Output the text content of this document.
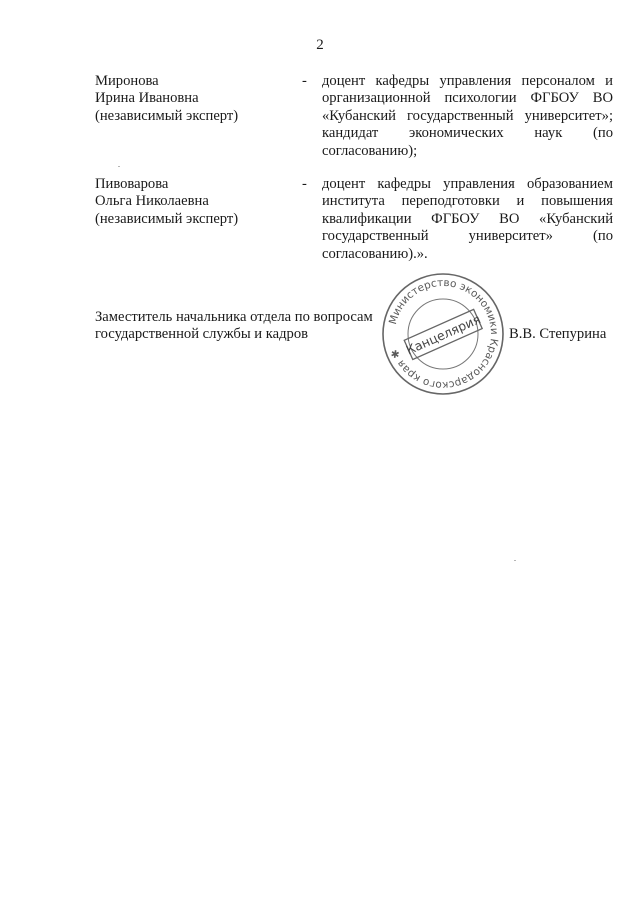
2
Миронова
Ирина Ивановна
(независимый эксперт)
- доцент кафедры управления персоналом и организационной психологии ФГБОУ ВО «Кубанский государственный университет»; кандидат экономических наук (по согласованию);
Пивоварова
Ольга Николаевна
(независимый эксперт)
- доцент кафедры управления образованием института переподготовки и повышения квалификации ФГБОУ ВО «Кубанский государственный университет» (по согласованию).».
Заместитель начальника отдела по вопросам
государственной службы и кадров	В.В. Степурина
Министерство экономики Краснодарского края ✱ Канцелярия
